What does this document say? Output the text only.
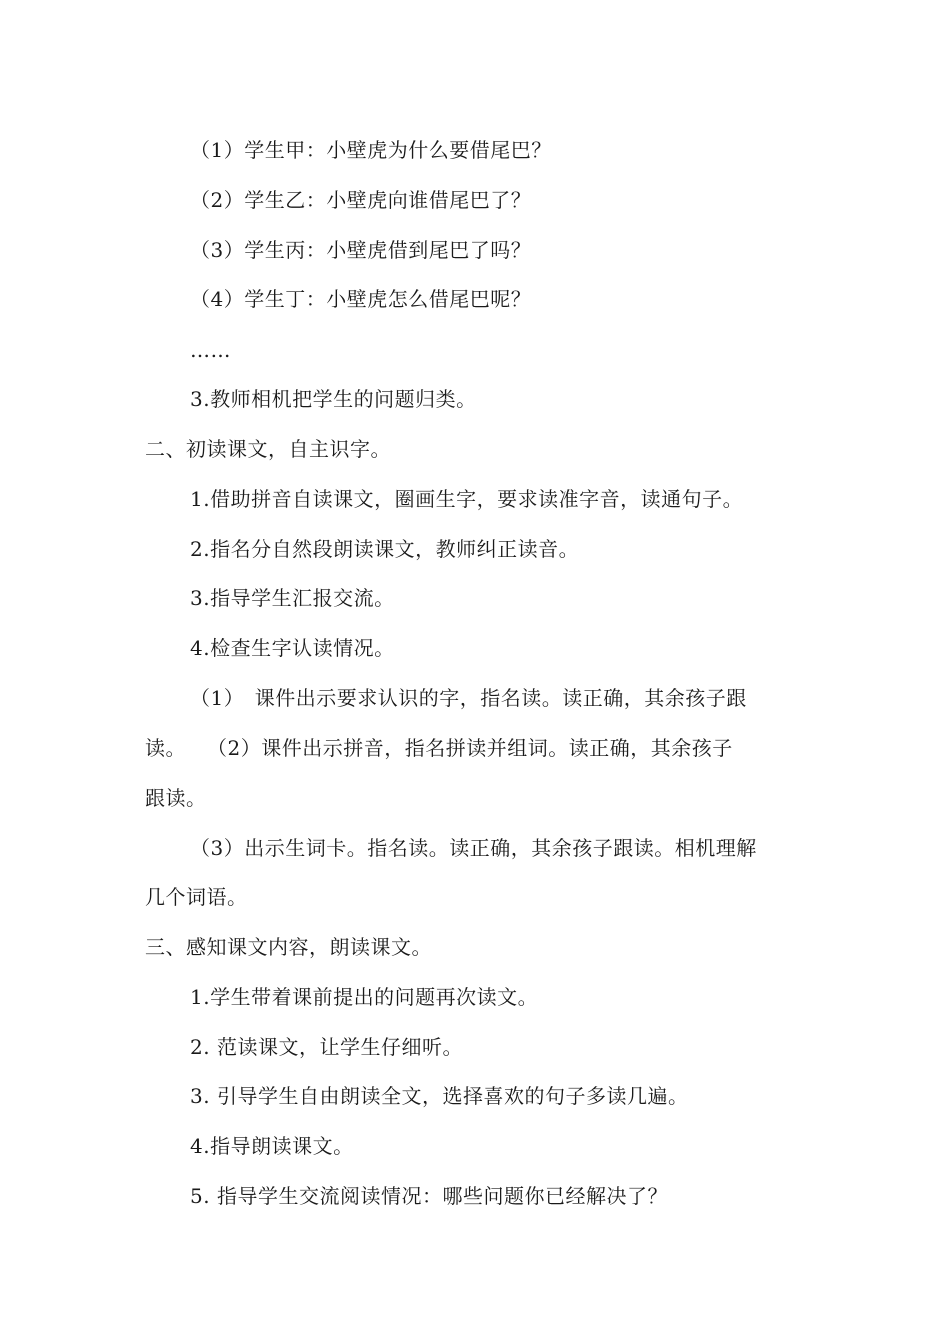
（1）学生甲：小壁虎为什么要借尾巴？
（2）学生乙：小壁虎向谁借尾巴了？
（3）学生丙：小壁虎借到尾巴了吗？
（4）学生丁：小壁虎怎么借尾巴呢？
……
3.教师相机把学生的问题归类。
二、初读课文，自主识字。
1.借助拼音自读课文，圈画生字，要求读准字音，读通句子。
2.指名分自然段朗读课文，教师纠正读音。
3.指导学生汇报交流。
4.检查生字认读情况。
（1）　课件出示要求认识的字，指名读。读正确，其余孩子跟
读。　　（2）课件出示拼音，指名拼读并组词。读正确，其余孩子
跟读。
（3）出示生词卡。指名读。读正确，其余孩子跟读。相机理解
几个词语。
三、感知课文内容，朗读课文。
1.学生带着课前提出的问题再次读文。
2. 范读课文，让学生仔细听。
3. 引导学生自由朗读全文，选择喜欢的句子多读几遍。
4.指导朗读课文。
5. 指导学生交流阅读情况：哪些问题你已经解决了？
